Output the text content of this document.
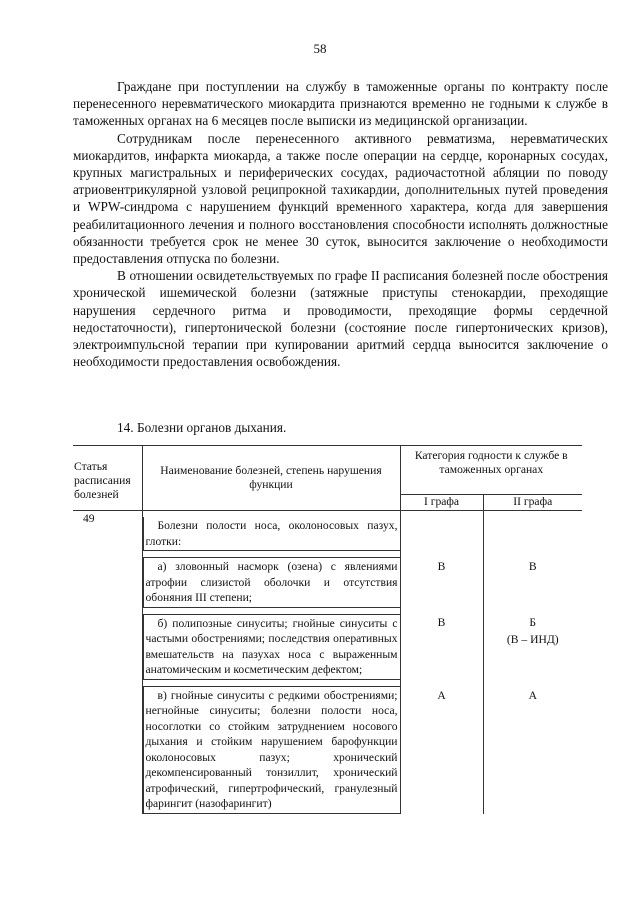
58

Граждане при поступлении на службу в таможенные органы по контракту после перенесенного неревматического миокардита признаются временно не годными к службе в таможенных органах на 6 месяцев после выписки из медицинской организации.

Сотрудникам после перенесенного активного ревматизма, неревматических миокардитов, инфаркта миокарда, а также после операции на сердце, коронарных сосудах, крупных магистральных и периферических сосудах, радиочастотной абляции по поводу атриовентрикулярной узловой реципрокной тахикардии, дополнительных путей проведения и WPW-синдрома с нарушением функций временного характера, когда для завершения реабилитационного лечения и полного восстановления способности исполнять должностные обязанности требуется срок не менее 30 суток, выносится заключение о необходимости предоставления отпуска по болезни.

В отношении освидетельствуемых по графе II расписания болезней после обострения хронической ишемической болезни (затяжные приступы стенокардии, преходящие нарушения сердечного ритма и проводимости, преходящие формы сердечной недостаточности), гипертонической болезни (состояние после гипертонических кризов), электроимпульсной терапии при купировании аритмий сердца выносится заключение о необходимости предоставления освобождения.

14. Болезни органов дыхания.

Статья расписания болезней	Наименование болезней, степень нарушения функции	Категория годности к службе в таможенных органах	
		I графа	II графа
49	Болезни полости носа, околоносовых пазух, глотки:		

	а) зловонный насморк (озена) с явлениями атрофии слизистой оболочки и отсутствия обоняния III степени;	В	В

	б) полипозные синуситы; гнойные синуситы с частыми обострениями; последствия оперативных вмешательств на пазухах носа с выраженным анатомическим и косметическим дефектом;	В	Б
(В – ИНД)

	в) гнойные синуситы с редкими обострениями; негнойные синуситы; болезни полости носа, носоглотки со стойким затруднением носового дыхания и стойким нарушением барофункции околоносовых пазух; хронический декомпенсированный тонзиллит, хронический атрофический, гипертрофический, гранулезный фарингит (назофарингит)	А	А
